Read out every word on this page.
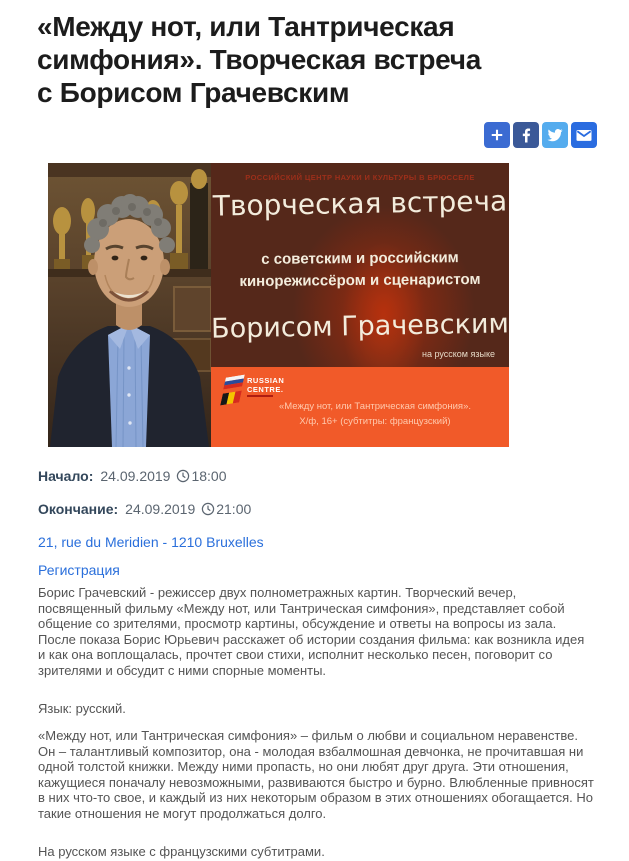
«Между нот, или Тантрическая
симфония». Творческая встреча
с Борисом Грачевским
РОССИЙСКИЙ ЦЕНТР НАУКИ И КУЛЬТУРЫ В БРЮССЕЛЕ
Творческая встреча
с советским и российским
кинорежиссёром и сценаристом
Борисом Грачевским
на русском языке
RUSSIAN
CENTRE.
«Между нот, или Тантрическая симфония».
Х/ф, 16+ (субтитры: французский)
Начало: 24.09.2019 18:00
Окончание: 24.09.2019 21:00
21, rue du Meridien - 1210 Bruxelles
Регистрация

Борис Грачевский - режиссер двух полнометражных картин. Творческий вечер, посвященный фильму «Между нот, или Тантрическая симфония», представляет собой общение со зрителями, просмотр картины, обсуждение и ответы на вопросы из зала. После показа Борис Юрьевич расскажет об истории создания фильма: как возникла идея и как она воплощалась, прочтет свои стихи, исполнит несколько песен, поговорит со зрителями и обсудит с ними спорные моменты.

Язык: русский.

«Между нот, или Тантрическая симфония» – фильм о любви и социальном неравенстве. Он – талантливый композитор, она - молодая взбалмошная девчонка, не прочитавшая ни одной толстой книжки. Между ними пропасть, но они любят друг друга. Эти отношения, кажущиеся поначалу невозможными, развиваются быстро и бурно. Влюбленные привносят в них что-то свое, и каждый из них некоторым образом в этих отношениях обогащается. Но такие отношения не могут продолжаться долго.

На русском языке с французскими субтитрами.
